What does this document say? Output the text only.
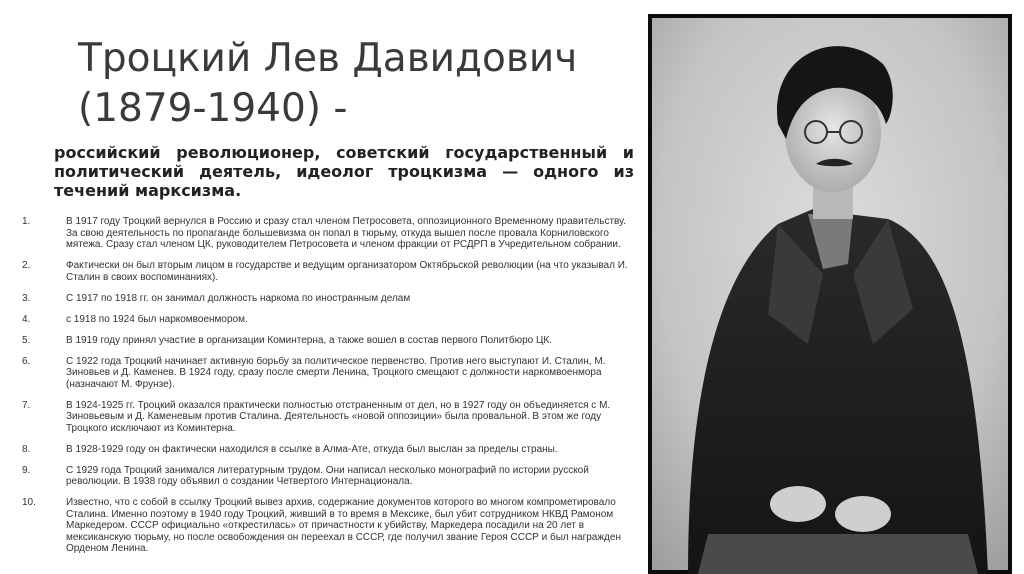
Троцкий Лев Давидович
(1879-1940) -
российский революционер, советский государственный и политический деятель, идеолог троцкизма — одного из течений марксизма.
1.	В 1917 году Троцкий вернулся в Россию и сразу стал членом Петросовета, оппозиционного Временному правительству. За свою деятельность по пропаганде большевизма он попал в тюрьму, откуда вышел после провала Корниловского мятежа. Сразу стал членом ЦК, руководителем Петросовета и членом фракции от РСДРП в Учредительном собрании.
2.	Фактически он был вторым лицом в государстве и ведущим организатором Октябрьской революции (на что указывал И. Сталин в своих воспоминаниях).
3.	С 1917 по 1918 гг. он занимал должность наркома по иностранным делам
4.	с 1918 по 1924 был наркомвоенмором.
5.	В 1919 году принял участие в организации Коминтерна, а также вошел в состав первого Политбюро ЦК.
6.	С 1922 года Троцкий начинает активную борьбу за политическое первенство. Против него выступают И. Сталин, М. Зиновьев и Д. Каменев. В 1924 году, сразу после смерти Ленина, Троцкого смещают с должности наркомвоенмора (назначают М. Фрунзе).
7.	В 1924-1925 гг. Троцкий оказался практически полностью отстраненным от дел, но в 1927 году он объединяется с М. Зиновьевым и Д. Каменевым против Сталина. Деятельность «новой оппозиции» была провальной. В этом же году Троцкого исключают из Коминтерна.
8.	В 1928-1929 году он фактически находился в ссылке в Алма-Ате, откуда был выслан за пределы страны.
9.	С 1929 года Троцкий занимался литературным трудом. Они написал несколько монографий по истории русской революции. В 1938 году объявил о создании Четвертого Интернационала.
10.	Известно, что с собой в ссылку Троцкий вывез архив, содержание документов которого во многом компрометировало Сталина. Именно поэтому в 1940 году Троцкий, живший в то время в Мексике, был убит сотрудником НКВД Рамоном Маркедером. СССР официально «открестилась» от причастности к убийству, Маркедера посадили на 20 лет в мексиканскую тюрьму, но после освобождения он переехал в СССР, где получил звание Героя СССР и был награжден Орденом Ленина.
